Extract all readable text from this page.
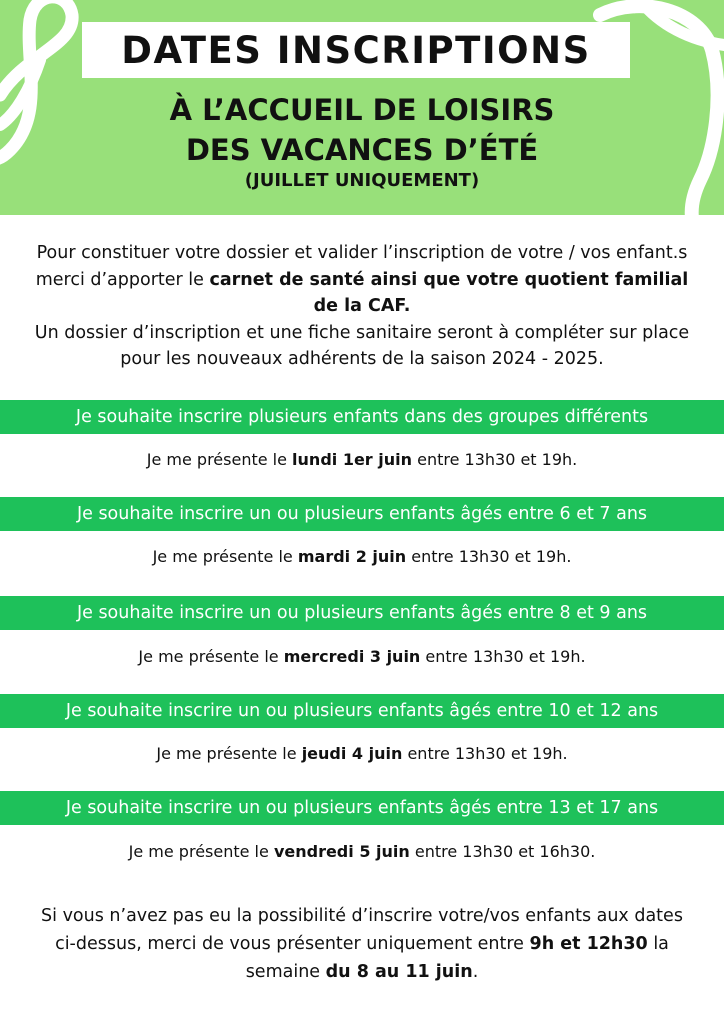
DATES INSCRIPTIONS
À L’ACCUEIL DE LOISIRS
DES VACANCES D’ÉTÉ
(JUILLET UNIQUEMENT)
Pour constituer votre dossier et valider l’inscription de votre / vos enfant.s merci d’apporter le carnet de santé ainsi que votre quotient familial de la CAF.
Un dossier d’inscription et une fiche sanitaire seront à compléter sur place pour les nouveaux adhérents de la saison 2024 - 2025.
Je souhaite inscrire plusieurs enfants dans des groupes différents
Je me présente le lundi 1er juin entre 13h30 et 19h.
Je souhaite inscrire un ou plusieurs enfants âgés entre 6 et 7 ans
Je me présente le mardi 2 juin entre 13h30 et 19h.
Je souhaite inscrire un ou plusieurs enfants âgés entre 8 et 9 ans
Je me présente le mercredi 3 juin entre 13h30 et 19h.
Je souhaite inscrire un ou plusieurs enfants âgés entre 10 et 12 ans
Je me présente le jeudi 4 juin entre 13h30 et 19h.
Je souhaite inscrire un ou plusieurs enfants âgés entre 13 et 17 ans
Je me présente le vendredi 5 juin entre 13h30 et 16h30.
Si vous n’avez pas eu la possibilité d’inscrire votre/vos enfants aux dates ci-dessus, merci de vous présenter uniquement entre 9h et 12h30 la semaine du 8 au 11 juin.
